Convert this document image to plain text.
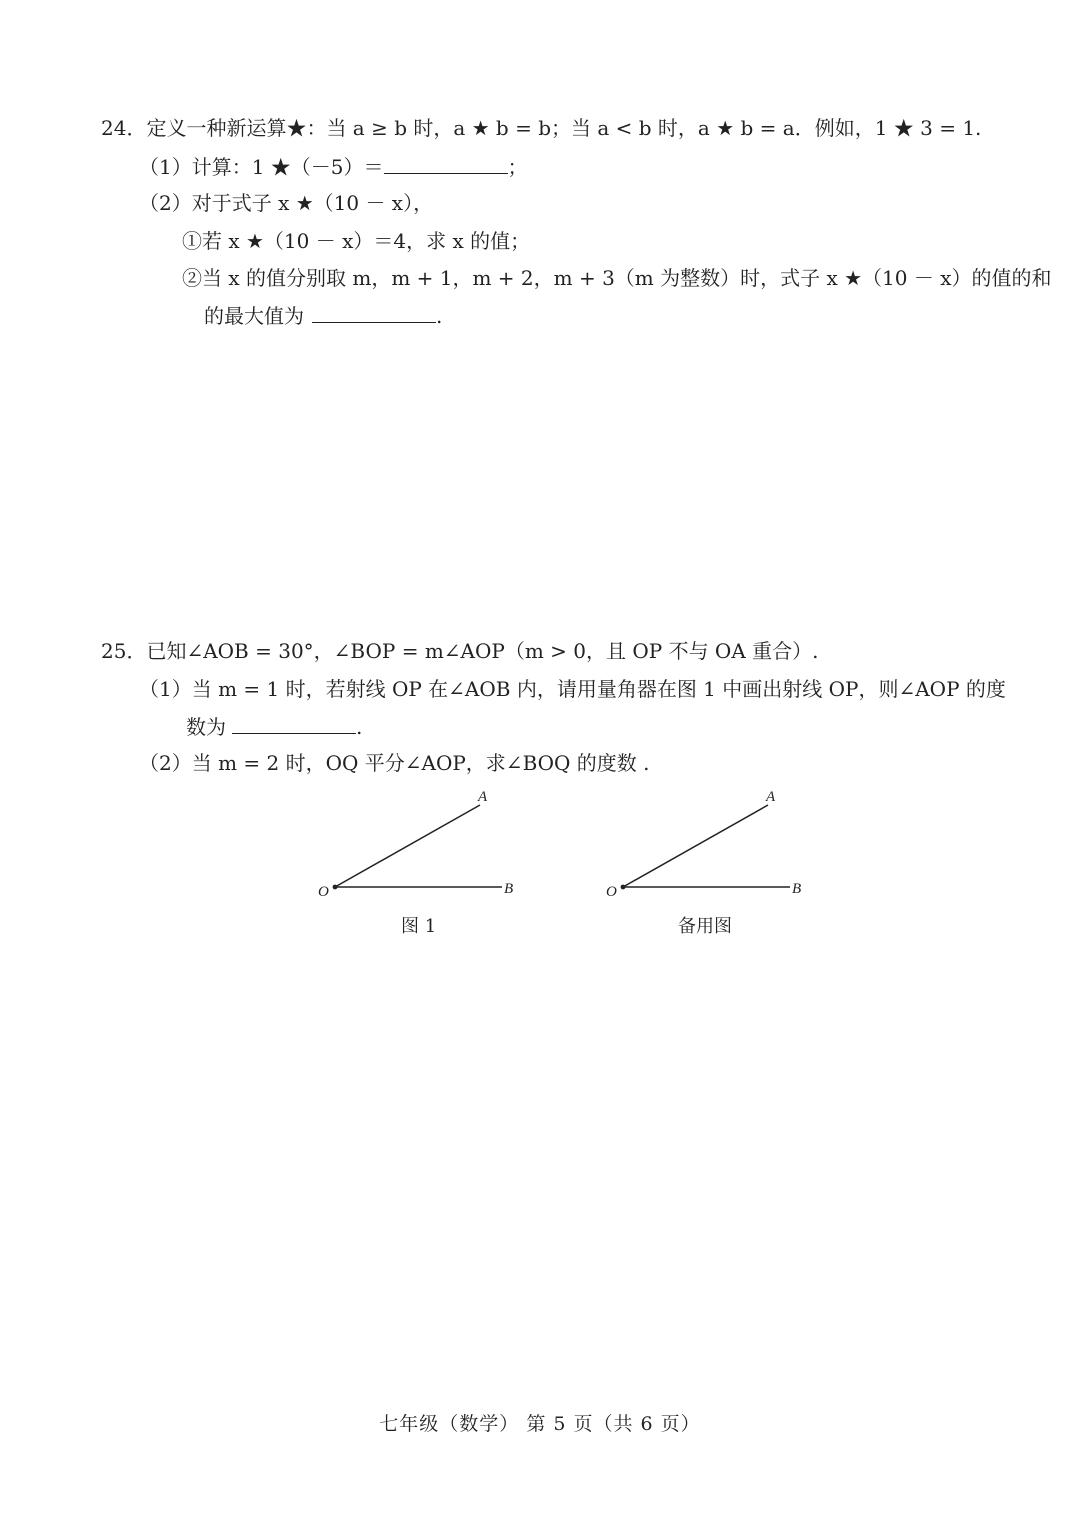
24．定义一种新运算★：当 a ≥ b 时，a ★ b = b；当 a < b 时，a ★ b = a．例如，1 ★ 3 = 1.
（1）计算：1 ★（－5）＝	；
（2）对于式子 x ★（10 － x），
①若 x ★（10 － x）＝4，求 x 的值；
②当 x 的值分别取 m，m + 1，m + 2，m + 3（m 为整数）时，式子 x ★（10 － x）的值的和
的最大值为	.
25．已知∠AOB = 30°，∠BOP = m∠AOP（m > 0，且 OP 不与 OA 重合）.
（1）当 m = 1 时，若射线 OP 在∠AOB 内，请用量角器在图 1 中画出射线 OP，则∠AOP 的度
数为	.
（2）当 m = 2 时，OQ 平分∠AOP，求∠BOQ 的度数 .
A
B
O
图 1
A
B
O
备用图
七年级（数学） 第 5 页（共 6 页）
